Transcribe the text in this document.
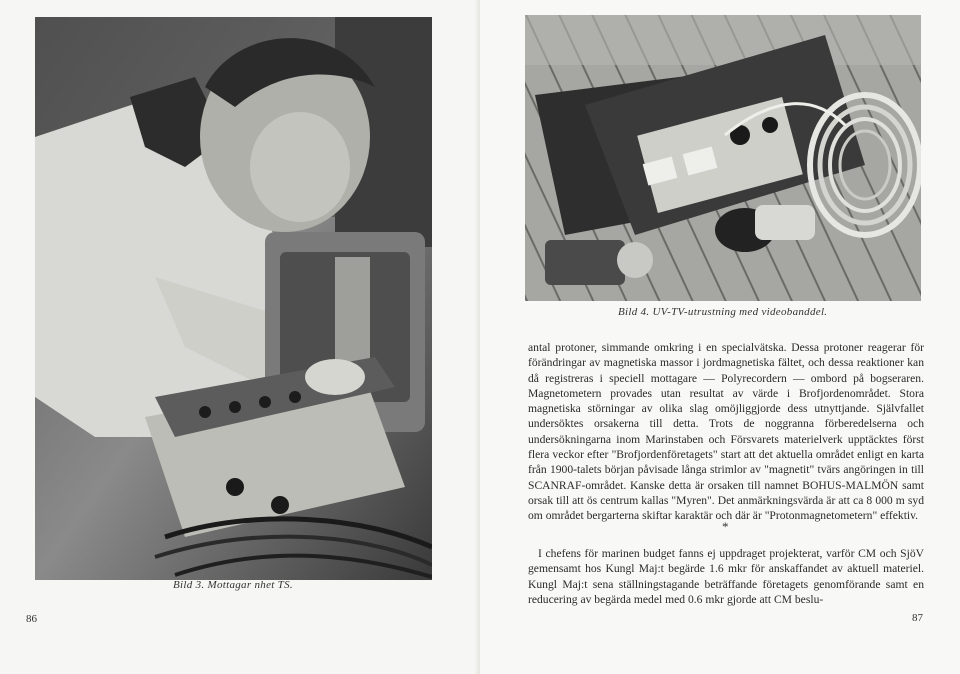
Bild 3. Mottagar nhet TS.
86
Bild 4. UV-TV-utrustning med videobanddel.

antal protoner, simmande omkring i en specialvätska. Dessa protoner reagerar för förändringar av magnetiska massor i jordmagnetiska fältet, och dessa reaktioner kan då registreras i speciell mottagare — Polyrecordern — ombord på bogseraren. Magnetometern provades utan resultat av värde i Brofjordenområdet. Stora magnetiska störningar av olika slag omöjliggjorde dess utnyttjande. Självfallet undersöktes orsakerna till detta. Trots de noggranna förberedelserna och undersökningarna inom Marinstaben och Försvarets materielverk upptäcktes först flera veckor efter "Brofjordenföretagets" start att det aktuella området enligt en karta från 1900-talets början påvisade långa strimlor av "magnetit" tvärs angöringen in till SCANRAF-området. Kanske detta är orsaken till namnet BOHUS-MALMÖN samt orsak till att ös centrum kallas "Myren". Det anmärkningsvärda är att ca 8 000 m syd om området bergarterna skiftar karaktär och där är "Protonmagnetometern" effektiv.

*
I chefens för marinen budget fanns ej uppdraget projekterat, varför CM och SjöV gemensamt hos Kungl Maj:t begärde 1.6 mkr för anskaffandet av aktuell materiel. Kungl Maj:t sena ställningstagande beträffande företagets genomförande samt en reducering av begärda medel med 0.6 mkr gjorde att CM beslu-
87
